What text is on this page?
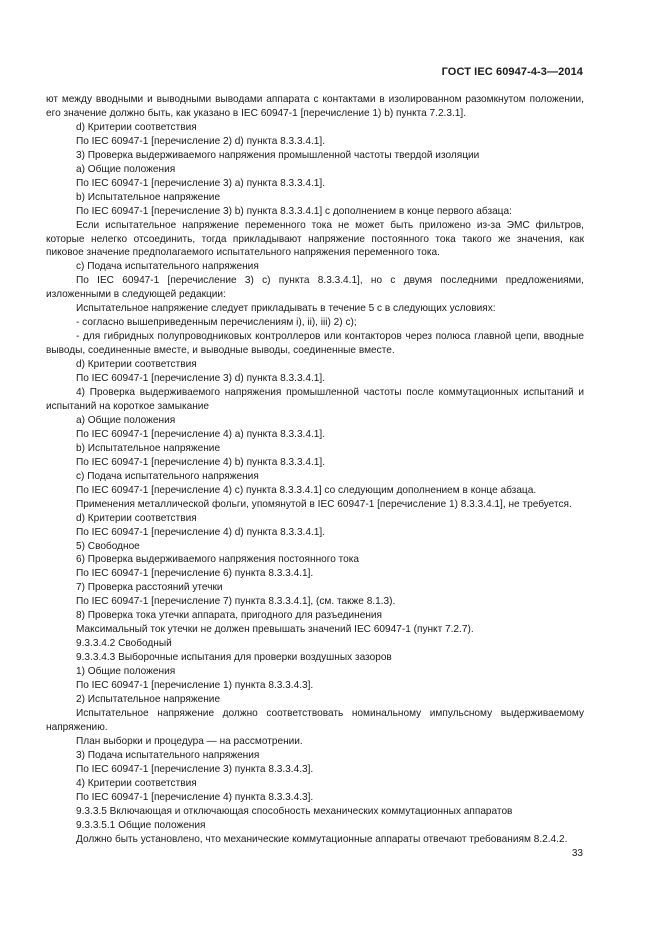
ГОСТ IEC 60947-4-3—2014

ют между вводными и выводными выводами аппарата с контактами в изолированном разомкнутом положении, его значение должно быть, как указано в IEC 60947-1 [перечисление 1) b) пункта 7.2.3.1].

d) Критерии соответствия

По IEC 60947-1 [перечисление 2) d) пункта 8.3.3.4.1].

3) Проверка выдерживаемого напряжения промышленной частоты твердой изоляции

a) Общие положения

По IEC 60947-1 [перечисление 3) a) пункта 8.3.3.4.1].

b) Испытательное напряжение

По IEC 60947-1 [перечисление 3) b) пункта 8.3.3.4.1] с дополнением в конце первого абзаца:

Если испытательное напряжение переменного тока не может быть приложено из-за ЭМС фильтров, которые нелегко отсоединить, тогда прикладывают напряжение постоянного тока такого же значения, как пиковое значение предполагаемого испытательного напряжения переменного тока.

c) Подача испытательного напряжения

По IEC 60947-1 [перечисление 3) c) пункта 8.3.3.4.1], но с двумя последними предложениями, изложенными в следующей редакции:

Испытательное напряжение следует прикладывать в течение 5 с в следующих условиях:

- согласно вышеприведенным перечислениям i), ii), iii) 2) c);

- для гибридных полупроводниковых контроллеров или контакторов через полюса главной цепи, вводные выводы, соединенные вместе, и выводные выводы, соединенные вместе.

d) Критерии соответствия

По IEC 60947-1 [перечисление 3) d) пункта 8.3.3.4.1].

4) Проверка выдерживаемого напряжения промышленной частоты после коммутационных испытаний и испытаний на короткое замыкание

a) Общие положения

По IEC 60947-1 [перечисление 4) a) пункта 8.3.3.4.1].

b) Испытательное напряжение

По IEC 60947-1 [перечисление 4) b) пункта 8.3.3.4.1].

c) Подача испытательного напряжения

По IEC 60947-1 [перечисление 4) c) пункта 8.3.3.4.1] со следующим дополнением в конце абзаца.

Применения металлической фольги, упомянутой в IEC 60947-1 [перечисление 1) 8.3.3.4.1], не требуется.

d) Критерии соответствия

По IEC 60947-1 [перечисление 4) d) пункта 8.3.3.4.1].

5) Свободное

6) Проверка выдерживаемого напряжения постоянного тока

По IEC 60947-1 [перечисление 6) пункта 8.3.3.4.1].

7) Проверка расстояний утечки

По IEC 60947-1 [перечисление 7) пункта 8.3.3.4.1], (см. также 8.1.3).

8) Проверка тока утечки аппарата, пригодного для разъединения

Максимальный ток утечки не должен превышать значений IEC 60947-1 (пункт 7.2.7).

9.3.3.4.2 Свободный

9.3.3.4.3 Выборочные испытания для проверки воздушных зазоров

1) Общие положения

По IEC 60947-1 [перечисление 1) пункта 8.3.3.4.3].

2) Испытательное напряжение

Испытательное напряжение должно соответствовать номинальному импульсному выдерживаемому напряжению.

План выборки и процедура — на рассмотрении.

3) Подача испытательного напряжения

По IEC 60947-1 [перечисление 3) пункта 8.3.3.4.3].

4) Критерии соответствия

По IEC 60947-1 [перечисление 4) пункта 8.3.3.4.3].

9.3.3.5 Включающая и отключающая способность механических коммутационных аппаратов

9.3.3.5.1 Общие положения

Должно быть установлено, что механические коммутационные аппараты отвечают требованиям 8.2.4.2.

33
